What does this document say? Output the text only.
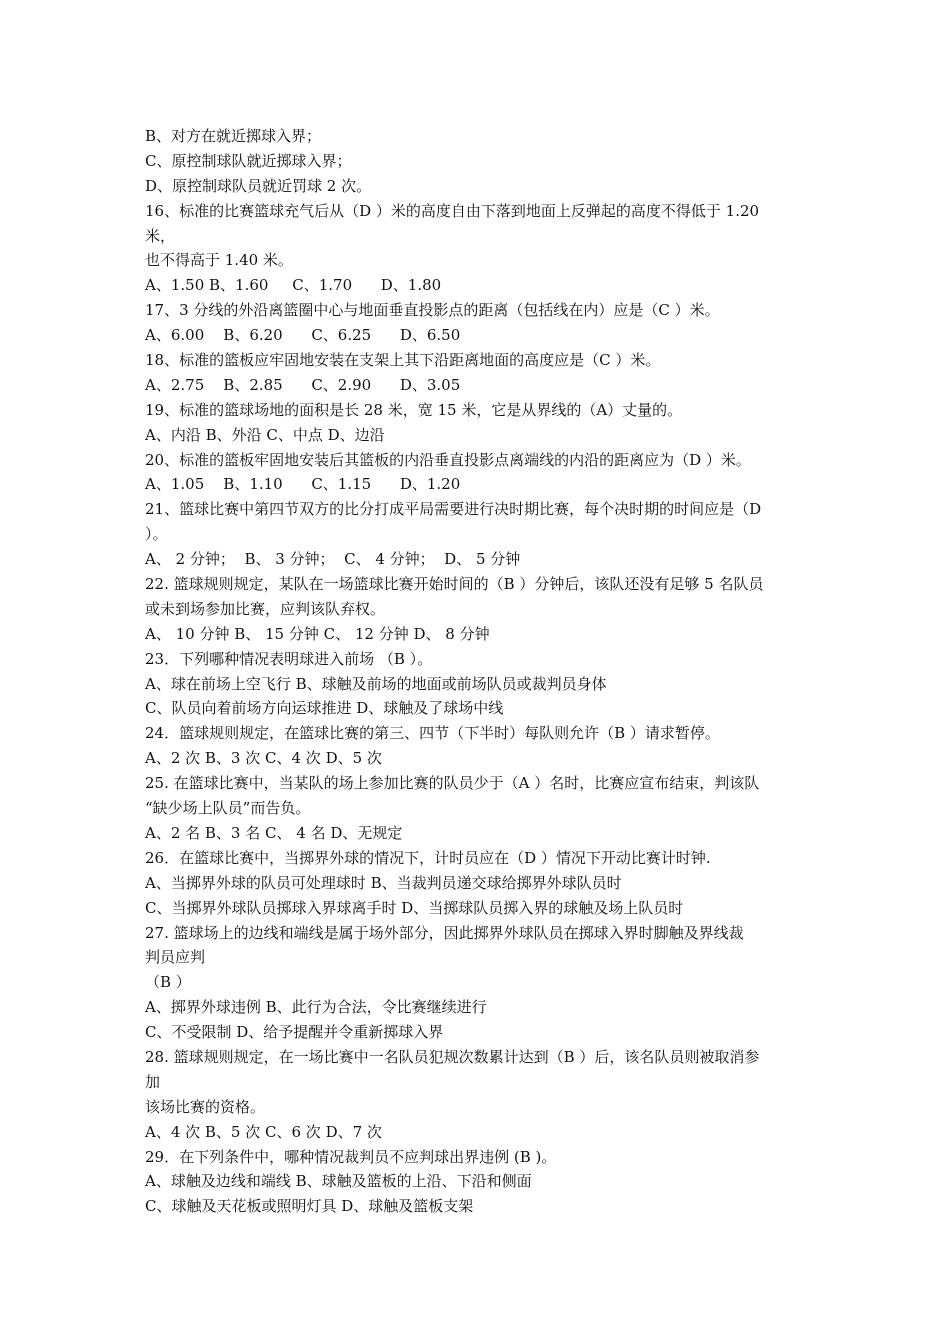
B、对方在就近掷球入界；
C、原控制球队就近掷球入界；
D、原控制球队员就近罚球 2 次。
16、标准的比赛篮球充气后从（D ）米的高度自由下落到地面上反弹起的高度不得低于 1.20
米，
也不得高于 1.40 米。
A、1.50 B、1.60     C、1.70      D、1.80
17、3 分线的外沿离篮圈中心与地面垂直投影点的距离（包括线在内）应是（C ）米。
A、6.00    B、6.20      C、6.25      D、6.50
18、标准的篮板应牢固地安装在支架上其下沿距离地面的高度应是（C ）米。
A、2.75    B、2.85      C、2.90      D、3.05
19、标准的篮球场地的面积是长 28 米，宽 15 米，它是从界线的（A）丈量的。
A、内沿 B、外沿 C、中点 D、边沿
20、标准的篮板牢固地安装后其篮板的内沿垂直投影点离端线的内沿的距离应为（D ）米。
A、1.05    B、1.10      C、1.15      D、1.20
21、篮球比赛中第四节双方的比分打成平局需要进行决时期比赛，每个决时期的时间应是（D
）。
A、 2 分钟；  B、 3 分钟；  C、 4 分钟；  D、 5 分钟
22. 篮球规则规定，某队在一场篮球比赛开始时间的（B ）分钟后，该队还没有足够 5 名队员
或未到场参加比赛，应判该队弃权。
A、 10 分钟 B、 15 分钟 C、 12 分钟 D、 8 分钟
23．下列哪种情况表明球进入前场 （B ）。
A、球在前场上空飞行 B、球触及前场的地面或前场队员或裁判员身体
C、队员向着前场方向运球推进 D、球触及了球场中线
24．篮球规则规定，在篮球比赛的第三、四节（下半时）每队则允许（B ）请求暂停。
A、2 次 B、3 次 C、4 次 D、5 次
25. 在篮球比赛中，当某队的场上参加比赛的队员少于（A ）名时，比赛应宣布结束，判该队
“缺少场上队员”而告负。
A、2 名 B、3 名 C、 4 名 D、无规定
26．在篮球比赛中，当掷界外球的情况下，计时员应在（D ）情况下开动比赛计时钟.
A、当掷界外球的队员可处理球时 B、当裁判员递交球给掷界外球队员时
C、当掷界外球队员掷球入界球离手时 D、当掷球队员掷入界的球触及场上队员时
27. 篮球场上的边线和端线是属于场外部分，因此掷界外球队员在掷球入界时脚触及界线裁
判员应判
（B ）
A、掷界外球违例 B、此行为合法，令比赛继续进行
C、不受限制 D、给予提醒并令重新掷球入界
28. 篮球规则规定，在一场比赛中一名队员犯规次数累计达到（B ）后，该名队员则被取消参
加
该场比赛的资格。
A、4 次 B、5 次 C、6 次 D、7 次
29．在下列条件中，哪种情况裁判员不应判球出界违例 (B )。
A、球触及边线和端线 B、球触及篮板的上沿、下沿和侧面
C、球触及天花板或照明灯具 D、球触及篮板支架
